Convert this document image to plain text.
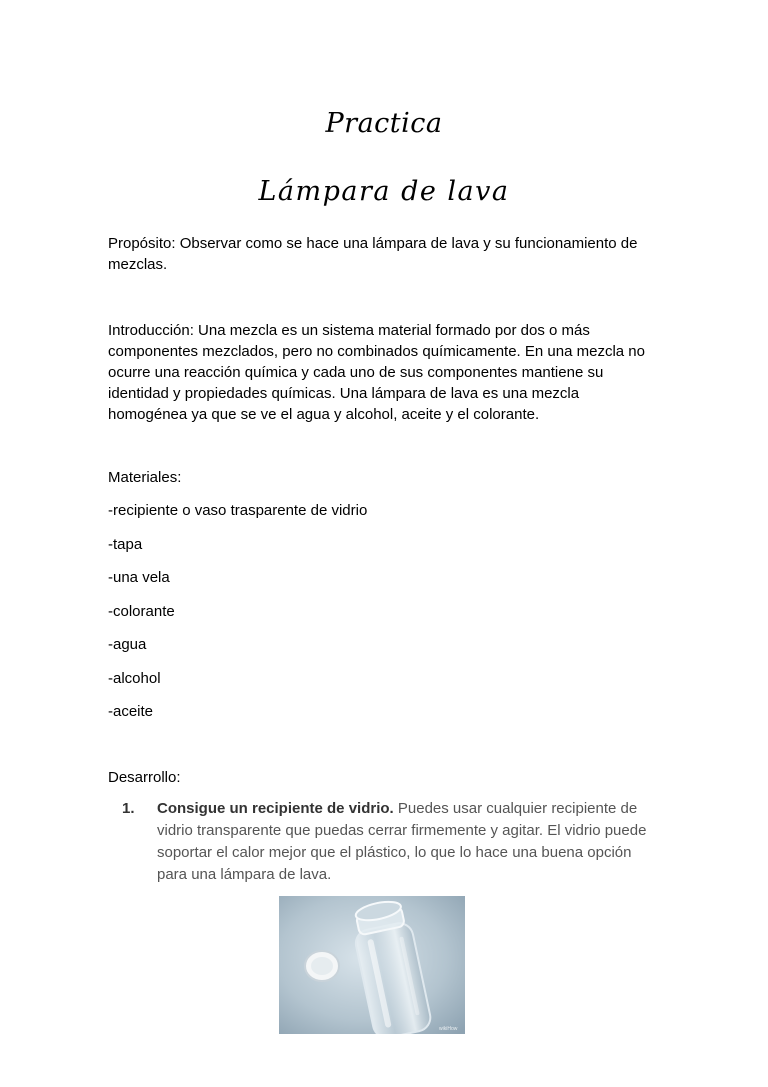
Practica
Lámpara de lava

Propósito: Observar como se hace una lámpara de lava y su funcionamiento de mezclas.

Introducción: Una mezcla es un sistema material formado por dos o más componentes mezclados, pero no combinados químicamente. En una mezcla no ocurre una reacción química y cada uno de sus componentes mantiene su identidad y propiedades químicas. Una lámpara de lava es una mezcla homogénea ya que se ve el agua y alcohol, aceite y el colorante.

Materiales:

-recipiente o vaso trasparente de vidrio

-tapa

-una vela

-colorante

-agua

-alcohol

-aceite

Desarrollo:

1. Consigue un recipiente de vidrio. Puedes usar cualquier recipiente de vidrio transparente que puedas cerrar firmemente y agitar. El vidrio puede soportar el calor mejor que el plástico, lo que lo hace una buena opción para una lámpara de lava.
wikiHow
